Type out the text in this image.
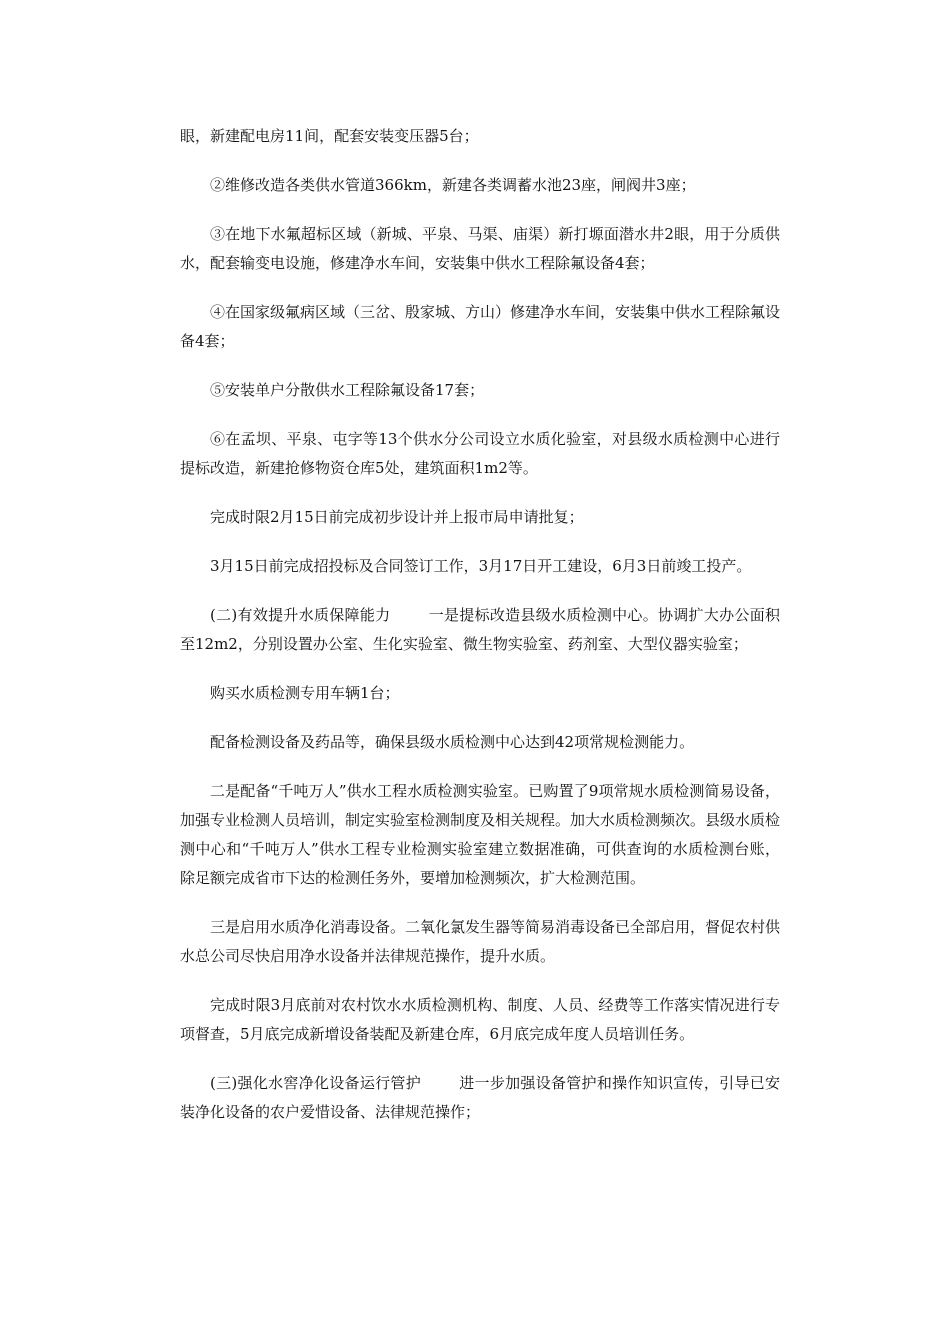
眼，新建配电房11间，配套安装变压器5台；

②维修改造各类供水管道366km，新建各类调蓄水池23座，闸阀井3座；

③在地下水氟超标区域（新城、平泉、马渠、庙渠）新打塬面潜水井2眼，用于分质供水，配套输变电设施，修建净水车间，安装集中供水工程除氟设备4套；

④在国家级氟病区域（三岔、殷家城、方山）修建净水车间，安装集中供水工程除氟设备4套；

⑤安装单户分散供水工程除氟设备17套；

⑥在孟坝、平泉、屯字等13个供水分公司设立水质化验室，对县级水质检测中心进行提标改造，新建抢修物资仓库5处，建筑面积1m2等。

完成时限2月15日前完成初步设计并上报市局申请批复；

3月15日前完成招投标及合同签订工作，3月17日开工建设，6月3日前竣工投产。

(二)有效提升水质保障能力	一是提标改造县级水质检测中心。协调扩大办公面积至12m2，分别设置办公室、生化实验室、微生物实验室、药剂室、大型仪器实验室；

购买水质检测专用车辆1台；

配备检测设备及药品等，确保县级水质检测中心达到42项常规检测能力。

二是配备“千吨万人”供水工程水质检测实验室。已购置了9项常规水质检测简易设备，加强专业检测人员培训，制定实验室检测制度及相关规程。加大水质检测频次。县级水质检测中心和“千吨万人”供水工程专业检测实验室建立数据准确，可供查询的水质检测台账，除足额完成省市下达的检测任务外，要增加检测频次，扩大检测范围。

三是启用水质净化消毒设备。二氧化氯发生器等简易消毒设备已全部启用，督促农村供水总公司尽快启用净水设备并法律规范操作，提升水质。

完成时限3月底前对农村饮水水质检测机构、制度、人员、经费等工作落实情况进行专项督查，5月底完成新增设备装配及新建仓库，6月底完成年度人员培训任务。

(三)强化水窖净化设备运行管护	进一步加强设备管护和操作知识宣传，引导已安装净化设备的农户爱惜设备、法律规范操作；
